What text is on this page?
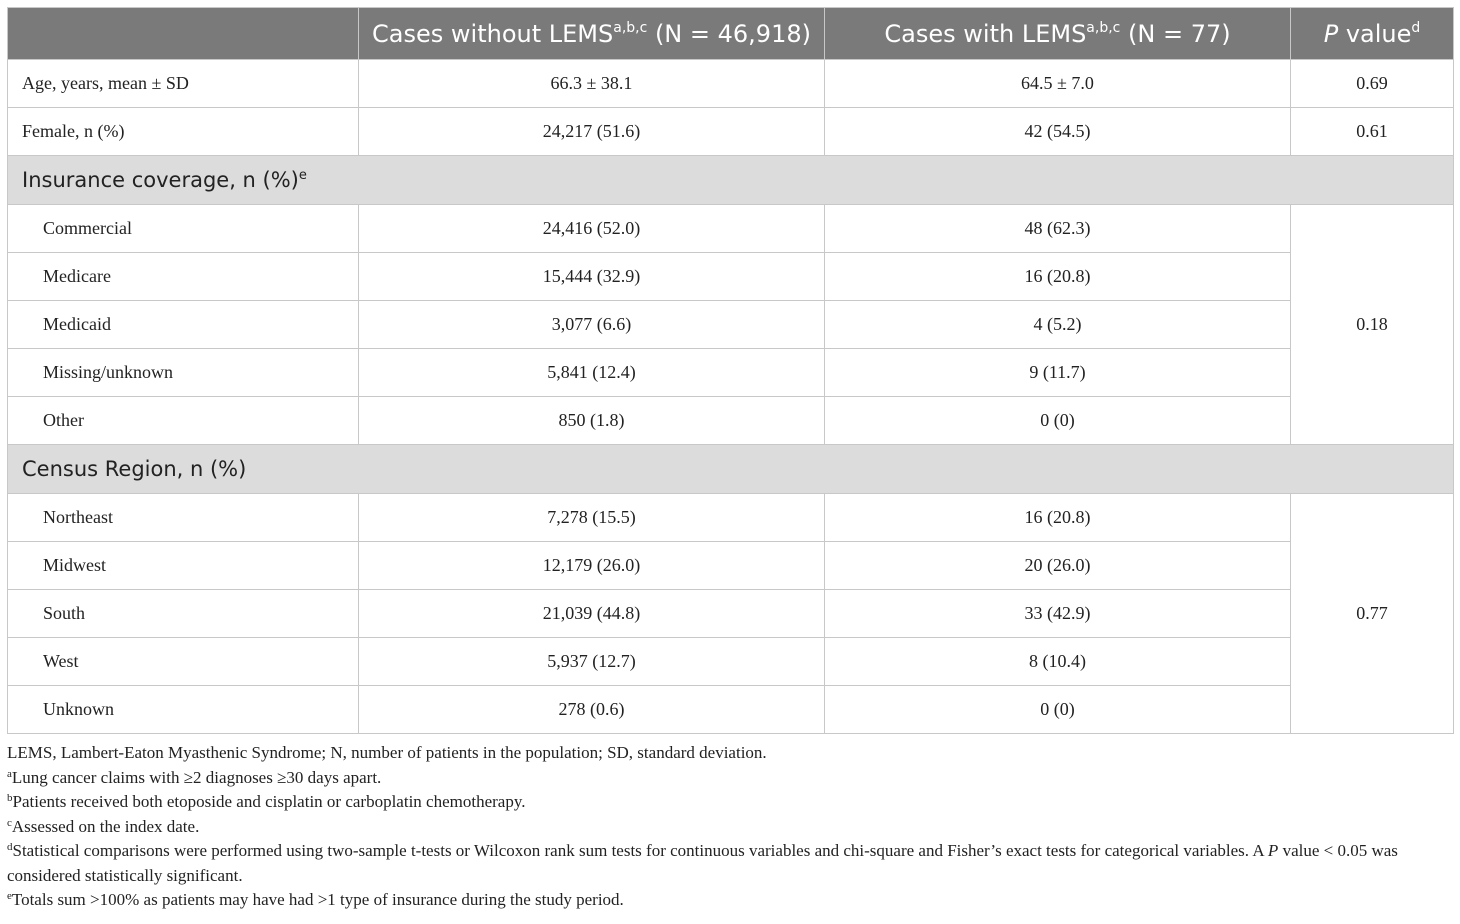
	Cases without LEMS$^{a,b,c}$ (N = 46,918)	Cases with LEMS$^{a,b,c}$ (N = 77)	P value$^d$
Age, years, mean ± SD	66.3 ± 38.1	64.5 ± 7.0	0.69
Female, n (%)	24,217 (51.6)	42 (54.5)	0.61
Insurance coverage, n (%)$^e$
Commercial	24,416 (52.0)	48 (62.3)	0.18
Medicare	15,444 (32.9)	16 (20.8)	
Medicaid	3,077 (6.6)	4 (5.2)	
Missing/unknown	5,841 (12.4)	9 (11.7)	
Other	850 (1.8)	0 (0)	
Census Region, n (%)			
Northeast	7,278 (15.5)	16 (20.8)	0.77
Midwest	12,179 (26.0)	20 (26.0)	
South	21,039 (44.8)	33 (42.9)	
West	5,937 (12.7)	8 (10.4)	
Unknown	278 (0.6)	0 (0)	
LEMS, Lambert-Eaton Myasthenic Syndrome; N, number of patients in the population; SD, standard deviation.
$^a$Lung cancer claims with ≥2 diagnoses ≥30 days apart.
$^b$Patients received both etoposide and cisplatin or carboplatin chemotherapy.
$^c$Assessed on the index date.
$^d$Statistical comparisons were performed using two-sample t-tests or Wilcoxon rank sum tests for continuous variables and chi-square and Fisher’s exact tests for categorical variables. A P value < 0.05 was considered statistically significant.
$^e$Totals sum >100% as patients may have had >1 type of insurance during the study period.
